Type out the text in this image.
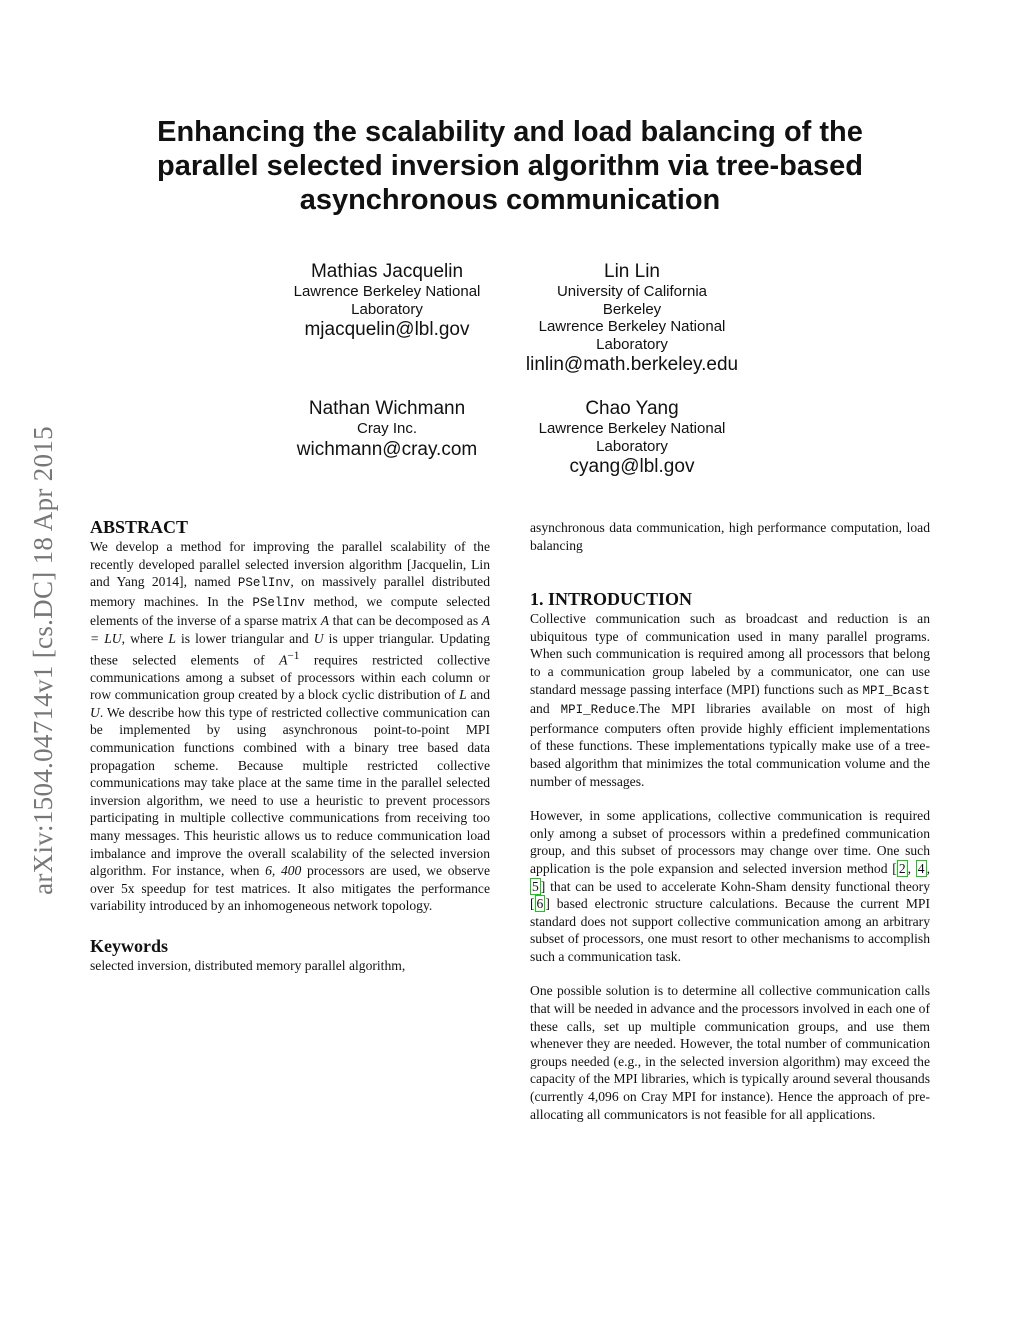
arXiv:1504.04714v1 [cs.DC] 18 Apr 2015
Enhancing the scalability and load balancing of the parallel selected inversion algorithm via tree-based asynchronous communication
Mathias Jacquelin
Lawrence Berkeley National
Laboratory
mjacquelin@lbl.gov
Lin Lin
University of California
Berkeley
Lawrence Berkeley National
Laboratory
linlin@math.berkeley.edu
Nathan Wichmann
Cray Inc.
wichmann@cray.com
Chao Yang
Lawrence Berkeley National
Laboratory
cyang@lbl.gov
ABSTRACT

We develop a method for improving the parallel scalability of the recently developed parallel selected inversion algorithm [Jacquelin, Lin and Yang 2014], named PSelInv, on massively parallel distributed memory machines. In the PSelInv method, we compute selected elements of the inverse of a sparse matrix A that can be decomposed as A = LU, where L is lower triangular and U is upper triangular. Updating these selected elements of $A^{-1}$ requires restricted collective communications among a subset of processors within each column or row communication group created by a block cyclic distribution of L and U. We describe how this type of restricted collective communication can be implemented by using asynchronous point-to-point MPI communication functions combined with a binary tree based data propagation scheme. Because multiple restricted collective communications may take place at the same time in the parallel selected inversion algorithm, we need to use a heuristic to prevent processors participating in multiple collective communications from receiving too many messages. This heuristic allows us to reduce communication load imbalance and improve the overall scalability of the selected inversion algorithm. For instance, when 6, 400 processors are used, we observe over 5x speedup for test matrices. It also mitigates the performance variability introduced by an inhomogeneous network topology.

Keywords

selected inversion, distributed memory parallel algorithm,

asynchronous data communication, high performance computation, load balancing

1. INTRODUCTION

Collective communication such as broadcast and reduction is an ubiquitous type of communication used in many parallel programs. When such communication is required among all processors that belong to a communication group labeled by a communicator, one can use standard message passing interface (MPI) functions such as MPI_Bcast and MPI_Reduce.The MPI libraries available on most of high performance computers often provide highly efficient implementations of these functions. These implementations typically make use of a tree-based algorithm that minimizes the total communication volume and the number of messages.

However, in some applications, collective communication is required only among a subset of processors within a predefined communication group, and this subset of processors may change over time. One such application is the pole expansion and selected inversion method [ 2 , 4 , 5 ] that can be used to accelerate Kohn-Sham density functional theory [ 6 ] based electronic structure calculations. Because the current MPI standard does not support collective communication among an arbitrary subset of processors, one must resort to other mechanisms to accomplish such a communication task.

One possible solution is to determine all collective communication calls that will be needed in advance and the processors involved in each one of these calls, set up multiple communication groups, and use them whenever they are needed. However, the total number of communication groups needed (e.g., in the selected inversion algorithm) may exceed the capacity of the MPI libraries, which is typically around several thousands (currently 4,096 on Cray MPI for instance). Hence the approach of pre-allocating all communicators is not feasible for all applications.
